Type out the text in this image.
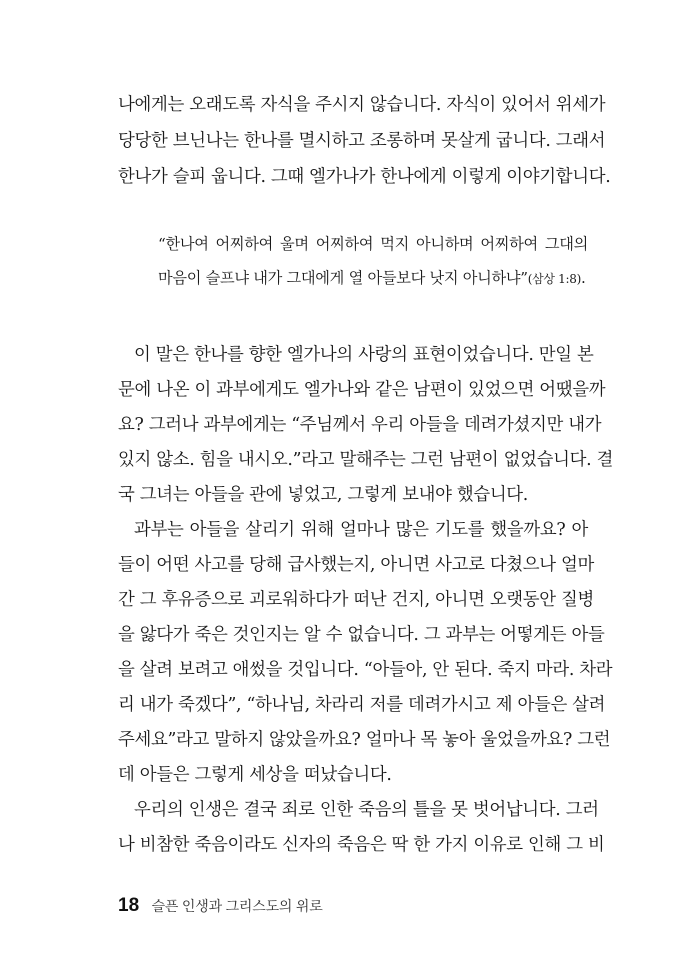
나에게는 오래도록 자식을 주시지 않습니다. 자식이 있어서 위세가
당당한 브닌나는 한나를 멸시하고 조롱하며 못살게 굽니다. 그래서
한나가 슬피 웁니다. 그때 엘가나가 한나에게 이렇게 이야기합니다.
“한나여 어찌하여 울며 어찌하여 먹지 아니하며 어찌하여 그대의
마음이 슬프냐 내가 그대에게 열 아들보다 낫지 아니하냐”(삼상 1:8).
이 말은 한나를 향한 엘가나의 사랑의 표현이었습니다. 만일 본
문에 나온 이 과부에게도 엘가나와 같은 남편이 있었으면 어땠을까
요? 그러나 과부에게는 “주님께서 우리 아들을 데려가셨지만 내가
있지 않소. 힘을 내시오.”라고 말해주는 그런 남편이 없었습니다. 결
국 그녀는 아들을 관에 넣었고, 그렇게 보내야 했습니다.
과부는 아들을 살리기 위해 얼마나 많은 기도를 했을까요? 아
들이 어떤 사고를 당해 급사했는지, 아니면 사고로 다쳤으나 얼마
간 그 후유증으로 괴로워하다가 떠난 건지, 아니면 오랫동안 질병
을 앓다가 죽은 것인지는 알 수 없습니다. 그 과부는 어떻게든 아들
을 살려 보려고 애썼을 것입니다. “아들아, 안 된다. 죽지 마라. 차라
리 내가 죽겠다”, “하나님, 차라리 저를 데려가시고 제 아들은 살려
주세요”라고 말하지 않았을까요? 얼마나 목 놓아 울었을까요? 그런
데 아들은 그렇게 세상을 떠났습니다.
우리의 인생은 결국 죄로 인한 죽음의 틀을 못 벗어납니다. 그러
나 비참한 죽음이라도 신자의 죽음은 딱 한 가지 이유로 인해 그 비
18 슬픈 인생과 그리스도의 위로
